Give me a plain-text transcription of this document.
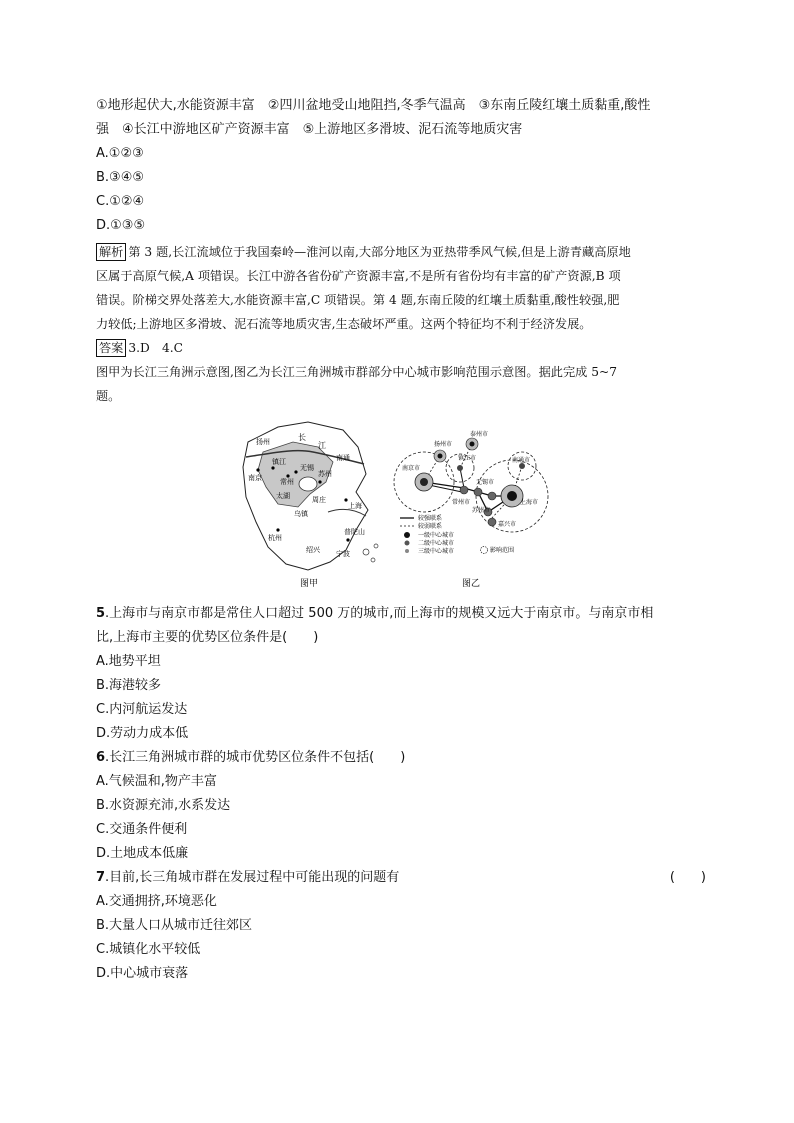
①地形起伏大,水能资源丰富　②四川盆地受山地阻挡,冬季气温高　③东南丘陵红壤土质黏重,酸性
强　④长江中游地区矿产资源丰富　⑤上游地区多滑坡、泥石流等地质灾害
A.①②③
B.③④⑤
C.①②④
D.①③⑤
解析 第 3 题,长江流域位于我国秦岭—淮河以南,大部分地区为亚热带季风气候,但是上游青藏高原地
区属于高原气候,A 项错误。长江中游各省份矿产资源丰富,不是所有省份均有丰富的矿产资源,B 项
错误。阶梯交界处落差大,水能资源丰富,C 项错误。第 4 题,东南丘陵的红壤土质黏重,酸性较强,肥
力较低;上游地区多滑坡、泥石流等地质灾害,生态破坏严重。这两个特征均不利于经济发展。
答案 3.D　4.C
图甲为长江三角洲示意图,图乙为长江三角洲城市群部分中心城市影响范围示意图。据此完成 5~7
题。
扬州	长
江
南通
南京
镇江
常州
无锡
苏州
太湖	周庄
上海
乌镇
杭州
绍兴 宁波
普陀山
图甲
扬州市
泰州市
南京市
镇江市	南通市
无锡市
常州市	上海市
苏州市
嘉兴市
较强联系
较弱联系
一级中心城市
二级中心城市
三级中心城市	影响范围
图乙
5.上海市与南京市都是常住人口超过 500 万的城市,而上海市的规模又远大于南京市。与南京市相
比,上海市主要的优势区位条件是(　　)
A.地势平坦
B.海港较多
C.内河航运发达
D.劳动力成本低
6.长江三角洲城市群的城市优势区位条件不包括(　　)
A.气候温和,物产丰富
B.水资源充沛,水系发达
C.交通条件便利
D.土地成本低廉
7.目前,长三角城市群在发展过程中可能出现的问题有	(　　)
A.交通拥挤,环境恶化
B.大量人口从城市迁往郊区
C.城镇化水平较低
D.中心城市衰落
